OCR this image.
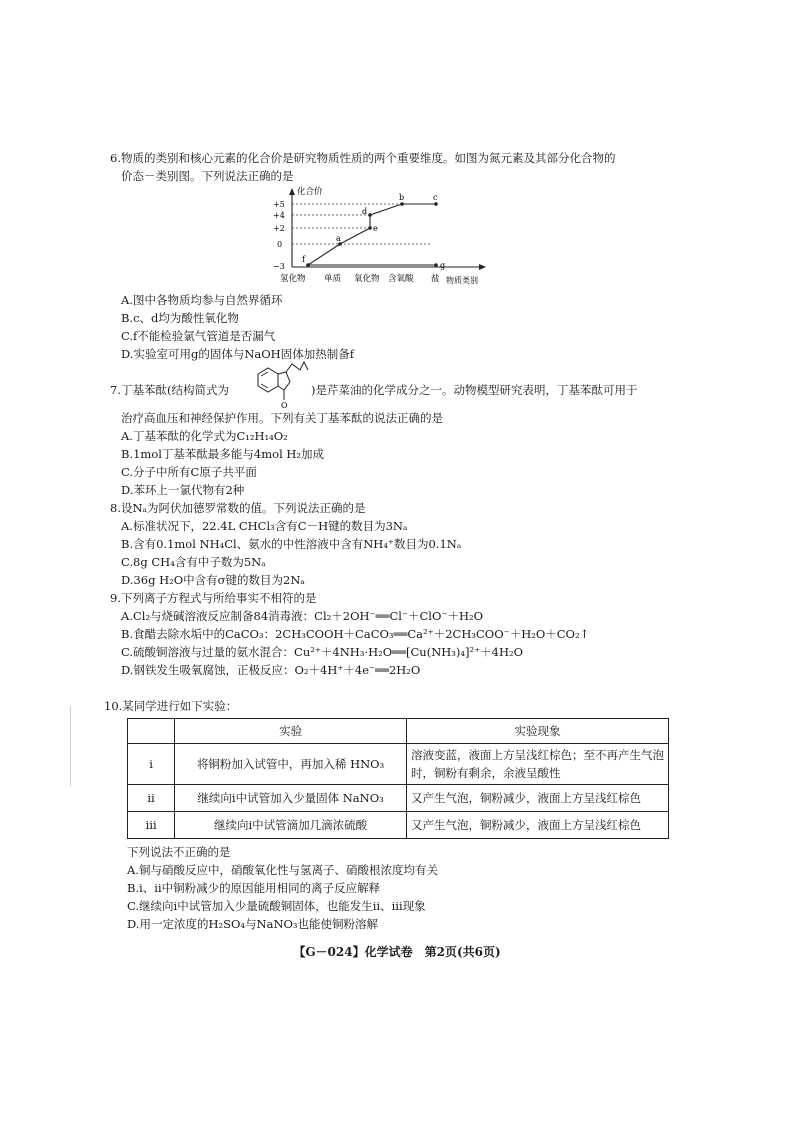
6.物质的类别和核心元素的化合价是研究物质性质的两个重要维度。如图为氮元素及其部分化合物的
价态－类别图。下列说法正确的是
化合价
+5
+4
+2
0
−3
f
a
e
d
b	c
g
氢化物 单质 氧化物 含氧酸 盐 物质类别
A.图中各物质均参与自然界循环
B.c、d均为酸性氧化物
C.f不能检验氯气管道是否漏气
D.实验室可用g的固体与NaOH固体加热制备f
7.丁基苯酞(结构简式为
O
)是芹菜油的化学成分之一。动物模型研究表明，丁基苯酞可用于
治疗高血压和神经保护作用。下列有关丁基苯酞的说法正确的是
A.丁基苯酞的化学式为C₁₂H₁₄O₂
B.1mol丁基苯酞最多能与4mol H₂加成
C.分子中所有C原子共平面
D.苯环上一氯代物有2种
8.设Nₐ为阿伏加德罗常数的值。下列说法正确的是
A.标准状况下，22.4L CHCl₃含有C－H键的数目为3Nₐ
B.含有0.1mol NH₄Cl、氨水的中性溶液中含有NH₄⁺数目为0.1Nₐ
C.8g CH₄含有中子数为5Nₐ
D.36g H₂O中含有σ键的数目为2Nₐ
9.下列离子方程式与所给事实不相符的是
A.Cl₂与烧碱溶液反应制备84消毒液：Cl₂＋2OH⁻══Cl⁻＋ClO⁻＋H₂O
B.食醋去除水垢中的CaCO₃：2CH₃COOH＋CaCO₃══Ca²⁺＋2CH₃COO⁻＋H₂O＋CO₂↑
C.硫酸铜溶液与过量的氨水混合：Cu²⁺＋4NH₃·H₂O══[Cu(NH₃)₄]²⁺＋4H₂O
D.钢铁发生吸氧腐蚀，正极反应：O₂＋4H⁺＋4e⁻══2H₂O
10.某同学进行如下实验：
	实验	实验现象
ⅰ	将铜粉加入试管中，再加入稀 HNO₃	溶液变蓝，液面上方呈浅红棕色；至不再产生气泡时，铜粉有剩余，余液呈酸性
ⅱ	继续向ⅰ中试管加入少量固体 NaNO₃	又产生气泡，铜粉减少，液面上方呈浅红棕色
ⅲ	继续向ⅰ中试管滴加几滴浓硫酸	又产生气泡，铜粉减少，液面上方呈浅红棕色
下列说法不正确的是
A.铜与硝酸反应中，硝酸氧化性与氢离子、硝酸根浓度均有关
B.ⅰ、ⅱ中铜粉减少的原因能用相同的离子反应解释
C.继续向ⅰ中试管加入少量硫酸铜固体，也能发生ⅱ、ⅲ现象
D.用一定浓度的H₂SO₄与NaNO₃也能使铜粉溶解
【G－024】化学试卷　第2页(共6页)
